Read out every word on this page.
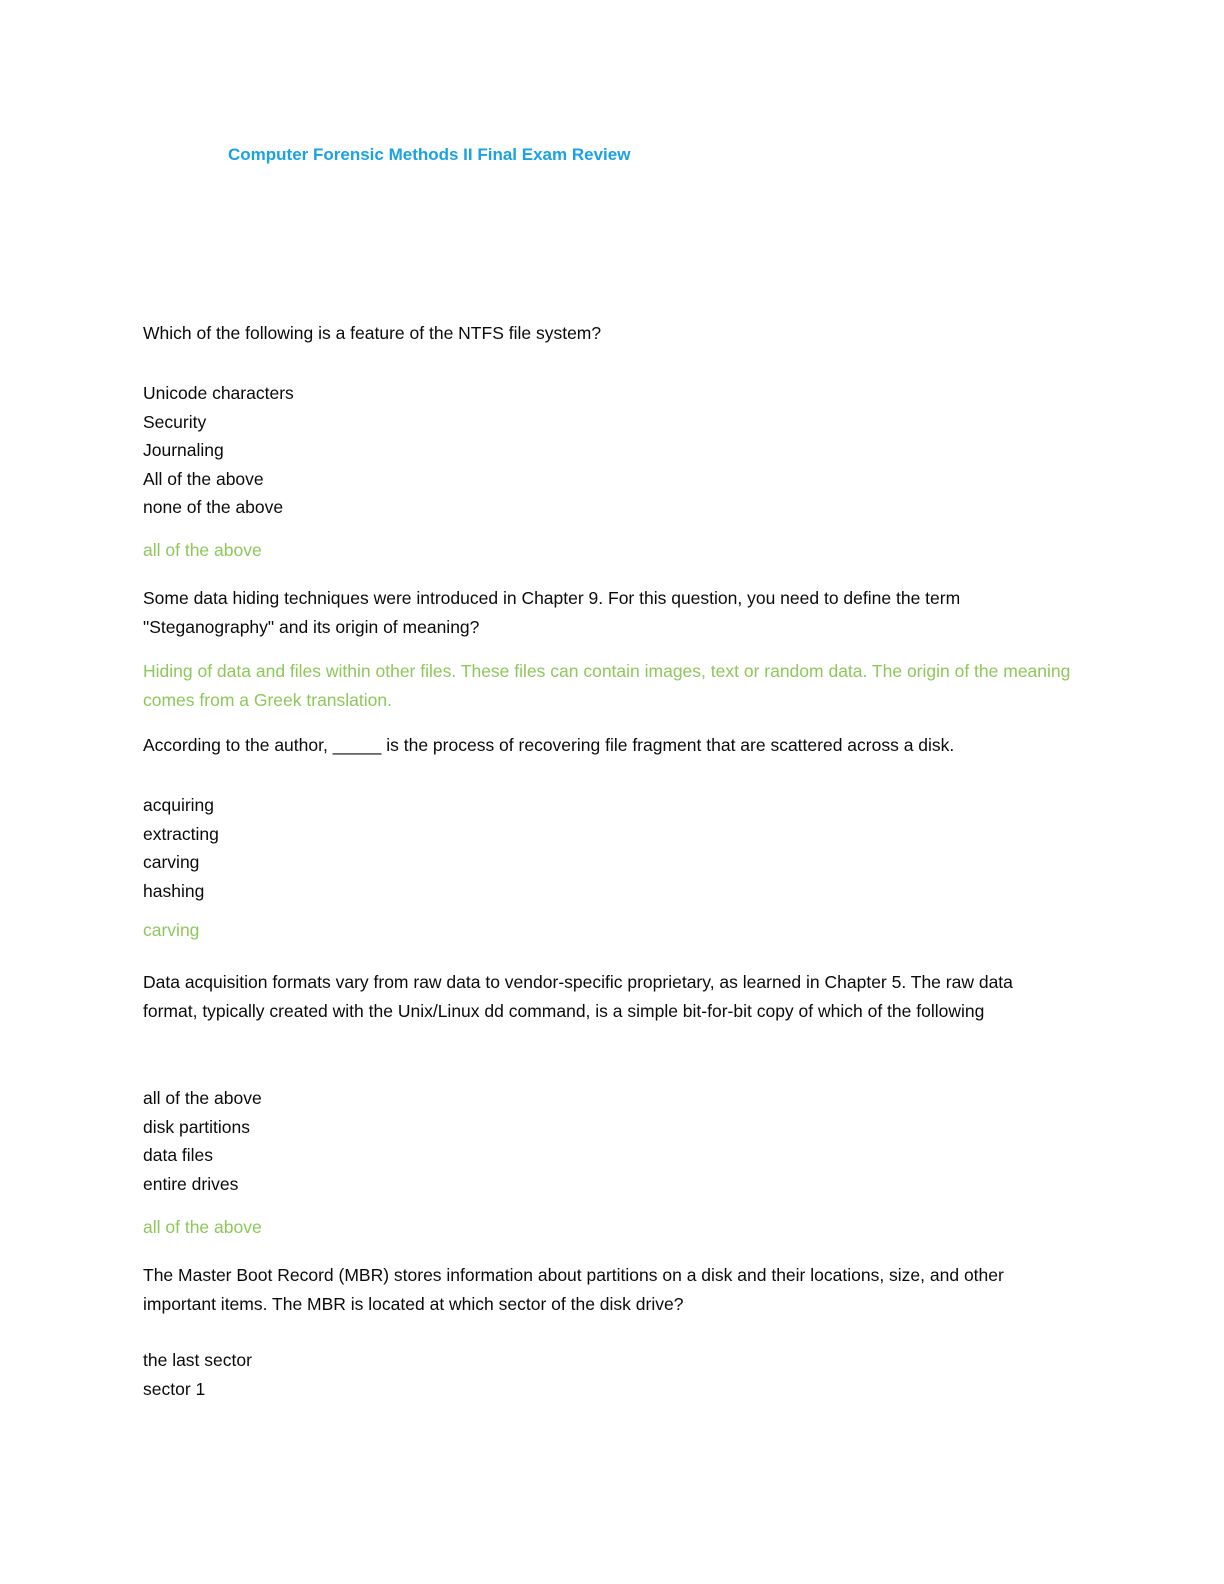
Computer Forensic Methods II Final Exam Review

Which of the following is a feature of the NTFS file system?

Unicode characters
Security
Journaling
All of the above
none of the above

all of the above

Some data hiding techniques were introduced in Chapter 9. For this question, you need to define the term "Steganography" and its origin of meaning?

Hiding of data and files within other files. These files can contain images, text or random data. The origin of the meaning comes from a Greek translation.

According to the author, _____ is the process of recovering file fragment that are scattered across a disk.

acquiring
extracting
carving
hashing

carving

Data acquisition formats vary from raw data to vendor-specific proprietary, as learned in Chapter 5. The raw data format, typically created with the Unix/Linux dd command, is a simple bit-for-bit copy of which of the following

all of the above
disk partitions
data files
entire drives

all of the above

The Master Boot Record (MBR) stores information about partitions on a disk and their locations, size, and other important items. The MBR is located at which sector of the disk drive?

the last sector
sector 1
